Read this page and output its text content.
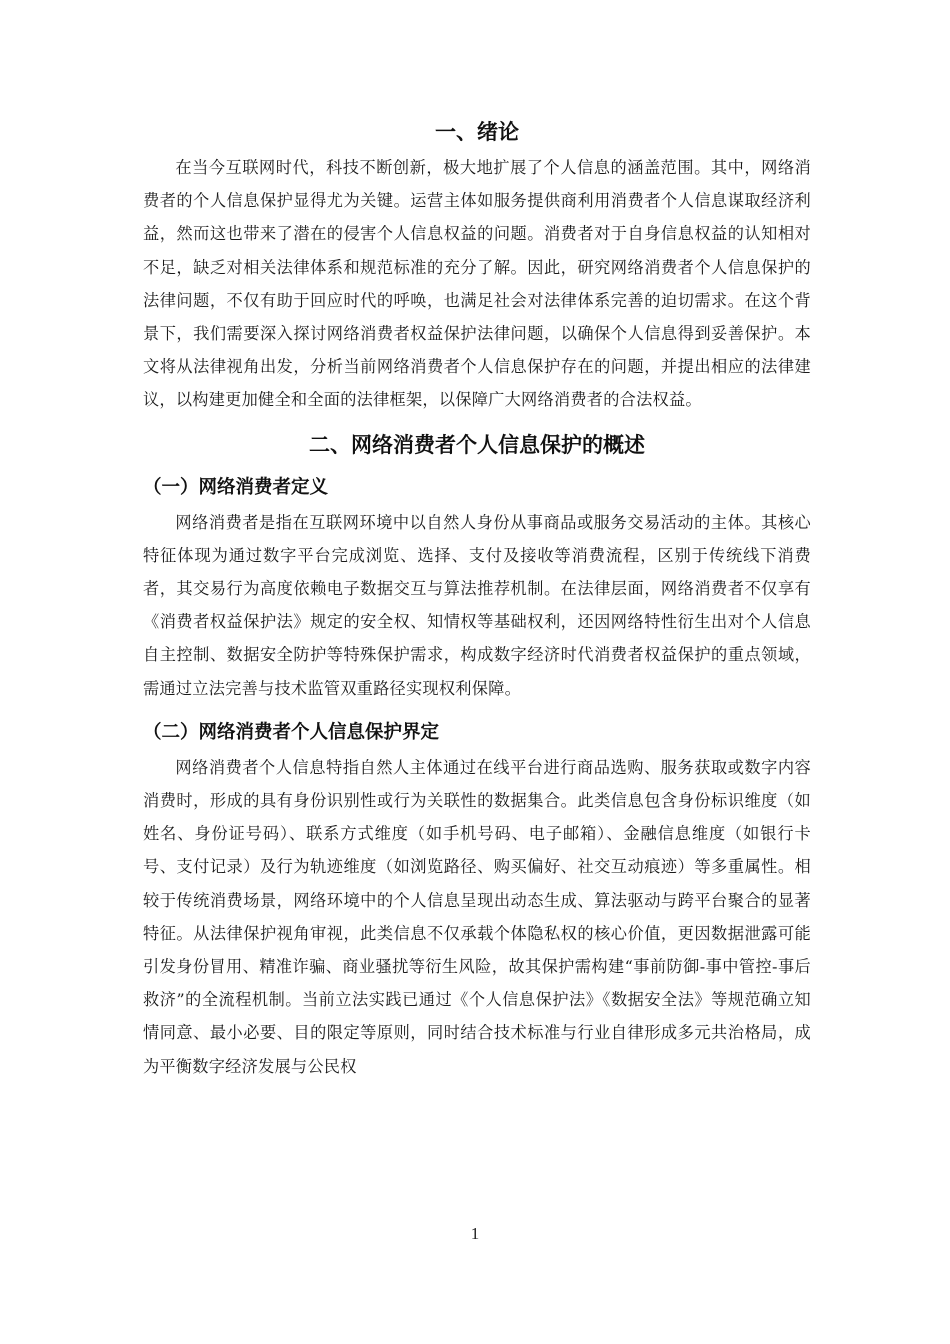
一、绪论

在当今互联网时代，科技不断创新，极大地扩展了个人信息的涵盖范围。其中，网络消费者的个人信息保护显得尤为关键。运营主体如服务提供商利用消费者个人信息谋取经济利益，然而这也带来了潜在的侵害个人信息权益的问题。消费者对于自身信息权益的认知相对不足，缺乏对相关法律体系和规范标准的充分了解。因此，研究网络消费者个人信息保护的法律问题，不仅有助于回应时代的呼唤，也满足社会对法律体系完善的迫切需求。在这个背景下，我们需要深入探讨网络消费者权益保护法律问题，以确保个人信息得到妥善保护。本文将从法律视角出发，分析当前网络消费者个人信息保护存在的问题，并提出相应的法律建议，以构建更加健全和全面的法律框架，以保障广大网络消费者的合法权益。

二、网络消费者个人信息保护的概述
（一）网络消费者定义

网络消费者是指在互联网环境中以自然人身份从事商品或服务交易活动的主体。其核心特征体现为通过数字平台完成浏览、选择、支付及接收等消费流程，区别于传统线下消费者，其交易行为高度依赖电子数据交互与算法推荐机制。在法律层面，网络消费者不仅享有《消费者权益保护法》规定的安全权、知情权等基础权利，还因网络特性衍生出对个人信息自主控制、数据安全防护等特殊保护需求，构成数字经济时代消费者权益保护的重点领域，需通过立法完善与技术监管双重路径实现权利保障。

（二）网络消费者个人信息保护界定

网络消费者个人信息特指自然人主体通过在线平台进行商品选购、服务获取或数字内容消费时，形成的具有身份识别性或行为关联性的数据集合。此类信息包含身份标识维度（如姓名、身份证号码）、联系方式维度（如手机号码、电子邮箱）、金融信息维度（如银行卡号、支付记录）及行为轨迹维度（如浏览路径、购买偏好、社交互动痕迹）等多重属性。相较于传统消费场景，网络环境中的个人信息呈现出动态生成、算法驱动与跨平台聚合的显著特征。从法律保护视角审视，此类信息不仅承载个体隐私权的核心价值，更因数据泄露可能引发身份冒用、精准诈骗、商业骚扰等衍生风险，故其保护需构建“事前防御-事中管控-事后救济”的全流程机制。当前立法实践已通过《个人信息保护法》《数据安全法》等规范确立知情同意、最小必要、目的限定等原则，同时结合技术标准与行业自律形成多元共治格局，成为平衡数字经济发展与公民权

1
